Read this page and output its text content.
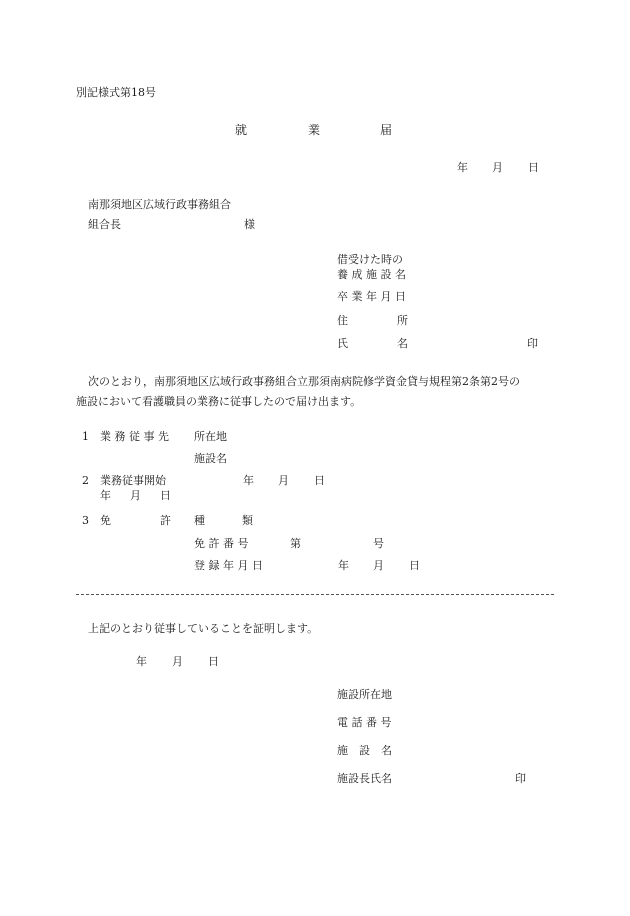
別記様式第18号
就	業	届
年 月 日
南那須地区広域行政事務組合
組合長	様
借受けた時の
養 成 施 設 名
卒 業 年 月 日
住	所
氏	名	印
次のとおり，南那須地区広域行政事務組合立那須南病院修学資金貸与規程第2条第2号の
施設において看護職員の業務に従事したので届け出ます。
1 業 務 従 事 先 所在地
施設名
2 業務従事開始	年 月 日
年 月 日
3 免	許 種	類
免 許 番 号	第	号
登 録 年 月 日	年 月 日
上記のとおり従事していることを証明します。
年 月 日
施設所在地
電 話 番 号
施　設　名
施設長氏名	印
